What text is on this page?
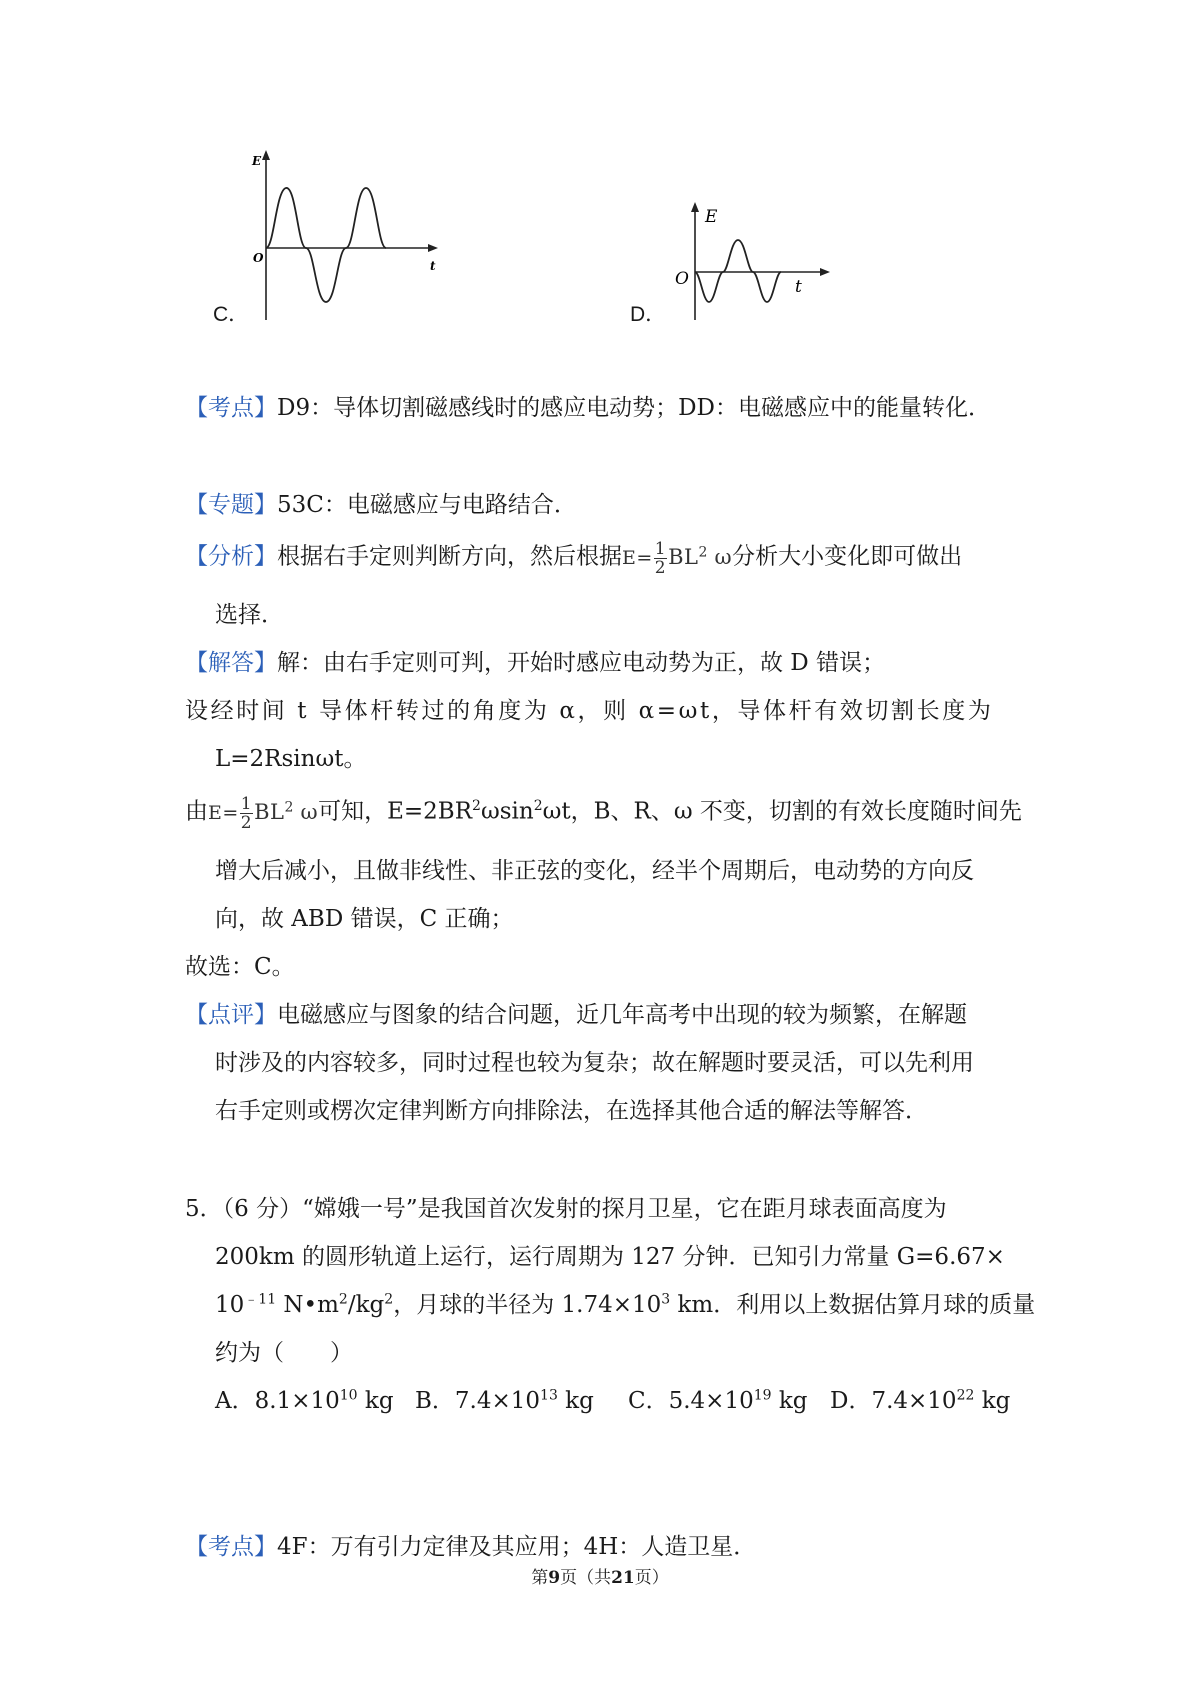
C．
E
O
t
D．
E
O	t
【考点】D9：导体切割磁感线时的感应电动势；DD：电磁感应中的能量转化．
【专题】53C：电磁感应与电路结合．
【分析】根据右手定则判断方向，然后根据$E= \frac{1}{2} BL^2$ ω分析大小变化即可做出
选择．
【解答】解：由右手定则可判，开始时感应电动势为正，故 D 错误；
设经时间 t 导体杆转过的角度为 α，则 α=ωt，导体杆有效切割长度为
L=2Rsinωt。
由$E= \frac{1}{2} BL^2$ ω可知，$E=2BR^2\omega\sin^2\omega t$，B、R、ω 不变，切割的有效长度随时间先
增大后减小，且做非线性、非正弦的变化，经半个周期后，电动势的方向反
向，故 ABD 错误，C 正确；
故选：C。
【点评】电磁感应与图象的结合问题，近几年高考中出现的较为频繁，在解题
时涉及的内容较多，同时过程也较为复杂；故在解题时要灵活，可以先利用
右手定则或楞次定律判断方向排除法，在选择其他合适的解法等解答．
5．（6 分）“嫦娥一号”是我国首次发射的探月卫星，它在距月球表面高度为
200km 的圆形轨道上运行，运行周期为 127 分钟．已知引力常量 G=6.67×
$10^{﹣11}$ $N•m^2/kg^2$，月球的半径为 $1.74\times 10^3$ km．利用以上数据估算月球的质量
约为（　　）
A．$8.1\times 10^{10}$ kg B．$7.4\times 10^{13}$ kg C．$5.4\times 10^{19}$ kg D．$7.4\times 10^{22}$ kg
【考点】4F：万有引力定律及其应用；4H：人造卫星．
第9页（共21页）
